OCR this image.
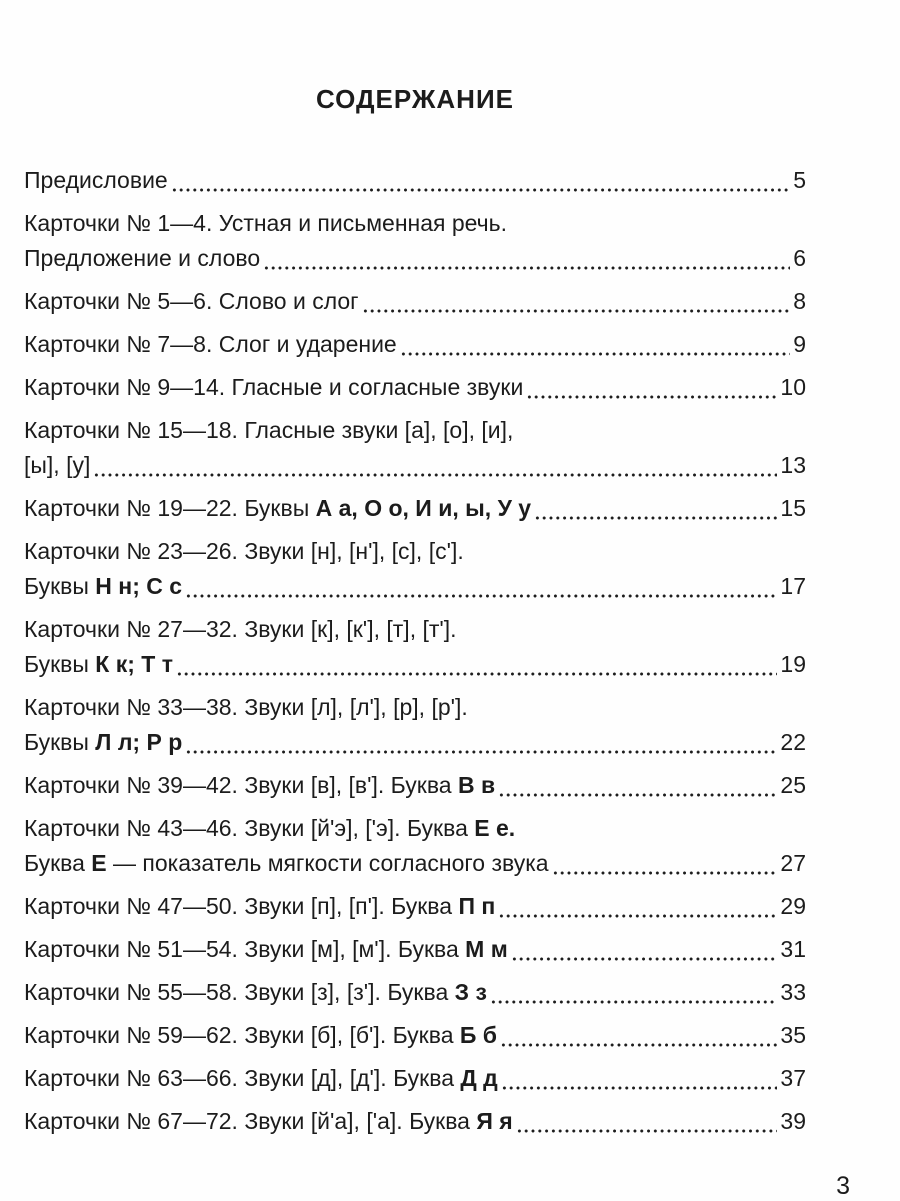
СОДЕРЖАНИЕ
Предисловие	5
Карточки № 1—4. Устная и письменная речь.
Предложение и слово	6
Карточки № 5—6. Слово и слог	8
Карточки № 7—8. Слог и ударение	9
Карточки № 9—14. Гласные и согласные звуки	10
Карточки № 15—18. Гласные звуки [а], [о], [и],
[ы], [у]	13
Карточки № 19—22. Буквы А а, О о, И и, ы, У у	15
Карточки № 23—26. Звуки [н], [н'], [с], [с'].
Буквы Н н; С с	17
Карточки № 27—32. Звуки [к], [к'], [т], [т'].
Буквы К к; Т т	19
Карточки № 33—38. Звуки [л], [л'], [р], [р'].
Буквы Л л; Р р	22
Карточки № 39—42. Звуки [в], [в']. Буква В в	25
Карточки № 43—46. Звуки [й'э], ['э]. Буква Е е.
Буква Е — показатель мягкости согласного звука	27
Карточки № 47—50. Звуки [п], [п']. Буква П п	29
Карточки № 51—54. Звуки [м], [м']. Буква М м	31
Карточки № 55—58. Звуки [з], [з']. Буква З з	33
Карточки № 59—62. Звуки [б], [б']. Буква Б б	35
Карточки № 63—66. Звуки [д], [д']. Буква Д д	37
Карточки № 67—72. Звуки [й'а], ['а]. Буква Я я	39
3
